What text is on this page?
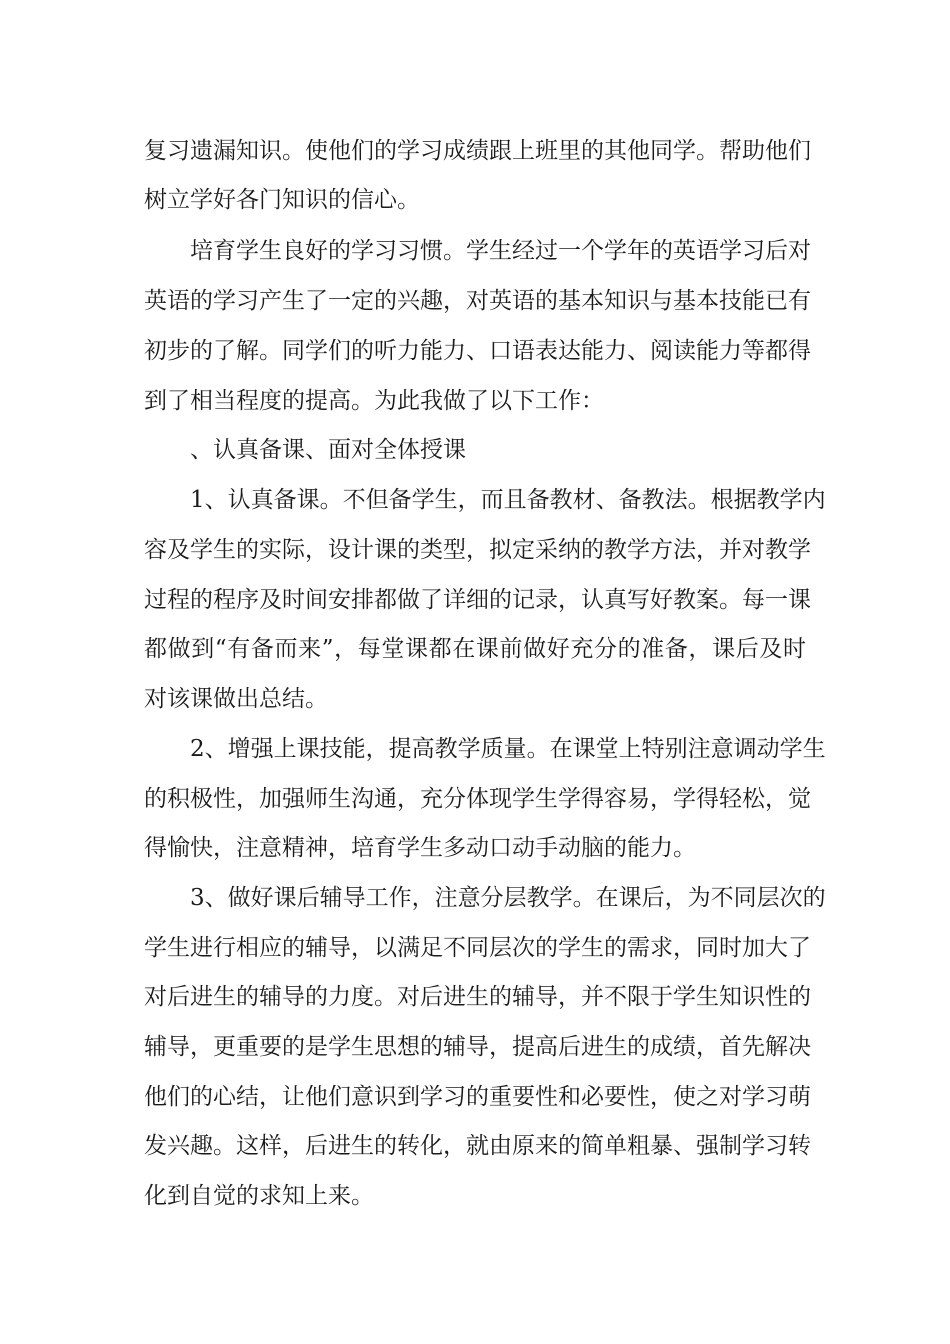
复习遗漏知识。使他们的学习成绩跟上班里的其他同学。帮助他们
树立学好各门知识的信心。
培育学生良好的学习习惯。学生经过一个学年的英语学习后对
英语的学习产生了一定的兴趣，对英语的基本知识与基本技能已有
初步的了解。同学们的听力能力、口语表达能力、阅读能力等都得
到了相当程度的提高。为此我做了以下工作：
、认真备课、面对全体授课
1、认真备课。不但备学生，而且备教材、备教法。根据教学内
容及学生的实际，设计课的类型，拟定采纳的教学方法，并对教学
过程的程序及时间安排都做了详细的记录，认真写好教案。每一课
都做到“有备而来”，每堂课都在课前做好充分的准备，课后及时
对该课做出总结。
2、增强上课技能，提高教学质量。在课堂上特别注意调动学生
的积极性，加强师生沟通，充分体现学生学得容易，学得轻松，觉
得愉快，注意精神，培育学生多动口动手动脑的能力。
3、做好课后辅导工作，注意分层教学。在课后，为不同层次的
学生进行相应的辅导，以满足不同层次的学生的需求，同时加大了
对后进生的辅导的力度。对后进生的辅导，并不限于学生知识性的
辅导，更重要的是学生思想的辅导，提高后进生的成绩，首先解决
他们的心结，让他们意识到学习的重要性和必要性，使之对学习萌
发兴趣。这样，后进生的转化，就由原来的简单粗暴、强制学习转
化到自觉的求知上来。
